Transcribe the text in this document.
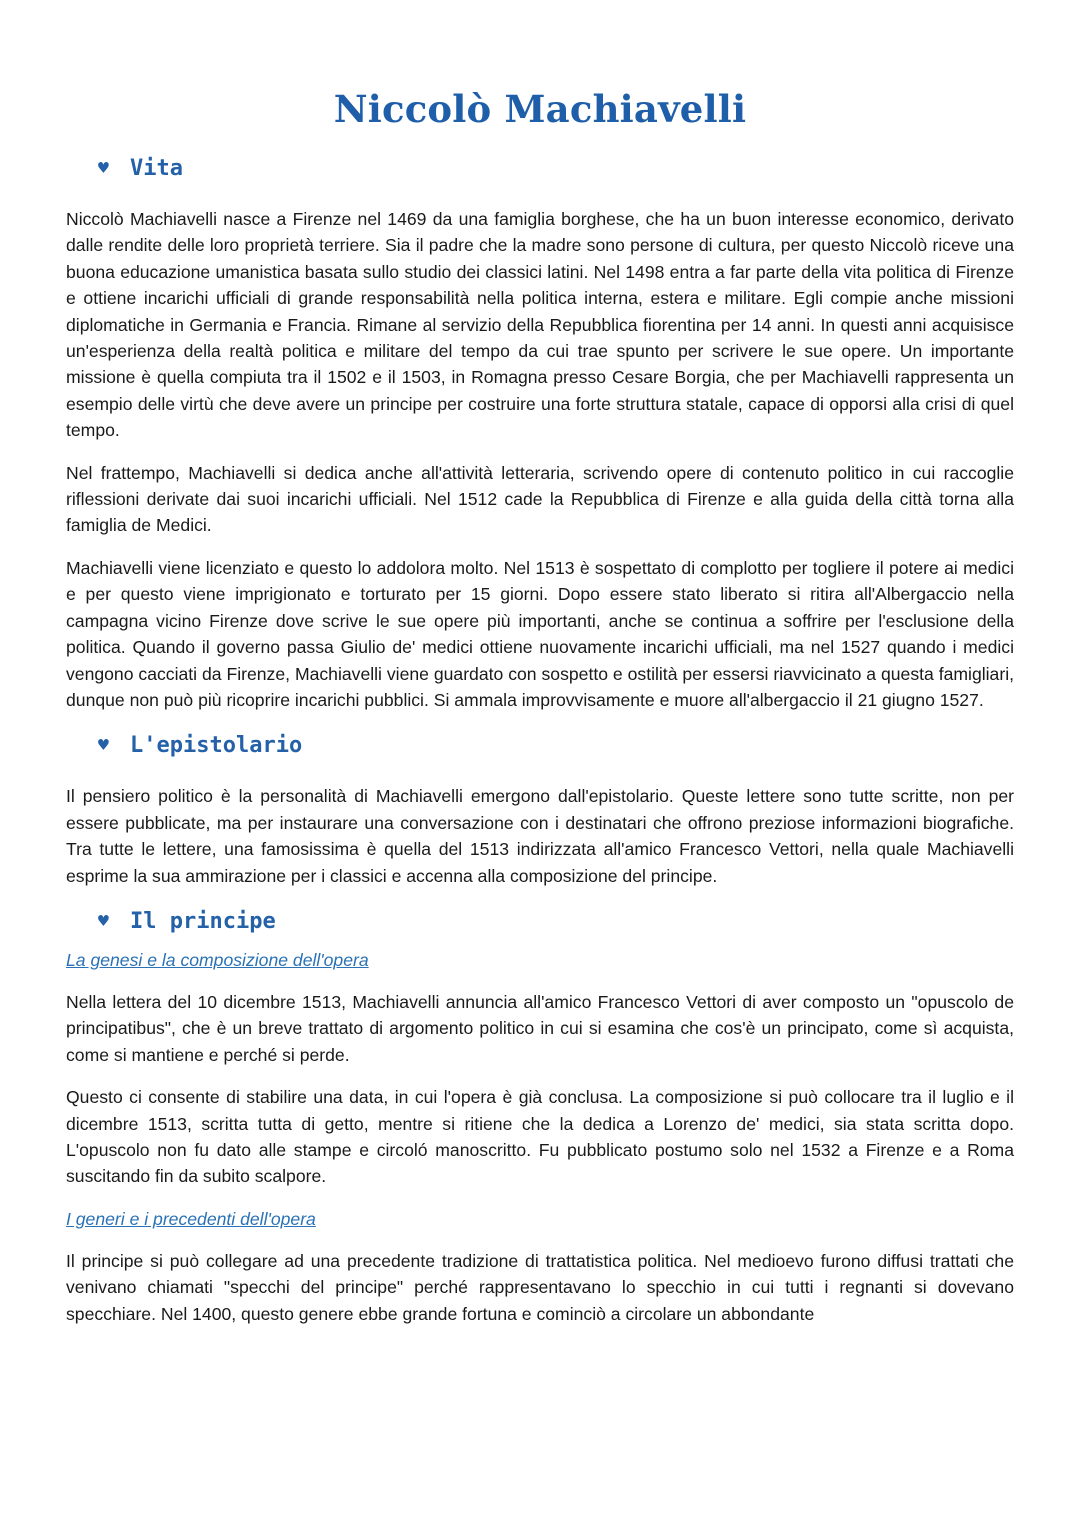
Niccolò Machiavelli
♥ Vita

Niccolò Machiavelli nasce a Firenze nel 1469 da una famiglia borghese, che ha un buon interesse economico, derivato dalle rendite delle loro proprietà terriere. Sia il padre che la madre sono persone di cultura, per questo Niccolò riceve una buona educazione umanistica basata sullo studio dei classici latini. Nel 1498 entra a far parte della vita politica di Firenze e ottiene incarichi ufficiali di grande responsabilità nella politica interna, estera e militare. Egli compie anche missioni diplomatiche in Germania e Francia. Rimane al servizio della Repubblica fiorentina per 14 anni. In questi anni acquisisce un'esperienza della realtà politica e militare del tempo da cui trae spunto per scrivere le sue opere. Un importante missione è quella compiuta tra il 1502 e il 1503, in Romagna presso Cesare Borgia, che per Machiavelli rappresenta un esempio delle virtù che deve avere un principe per costruire una forte struttura statale, capace di opporsi alla crisi di quel tempo.

Nel frattempo, Machiavelli si dedica anche all'attività letteraria, scrivendo opere di contenuto politico in cui raccoglie riflessioni derivate dai suoi incarichi ufficiali. Nel 1512 cade la Repubblica di Firenze e alla guida della città torna alla famiglia de Medici.

Machiavelli viene licenziato e questo lo addolora molto. Nel 1513 è sospettato di complotto per togliere il potere ai medici e per questo viene imprigionato e torturato per 15 giorni. Dopo essere stato liberato si ritira all'Albergaccio nella campagna vicino Firenze dove scrive le sue opere più importanti, anche se continua a soffrire per l'esclusione della politica. Quando il governo passa Giulio de' medici ottiene nuovamente incarichi ufficiali, ma nel 1527 quando i medici vengono cacciati da Firenze, Machiavelli viene guardato con sospetto e ostilità per essersi riavvicinato a questa famigliari, dunque non può più ricoprire incarichi pubblici. Si ammala improvvisamente e muore all'albergaccio il 21 giugno 1527.

♥ L'epistolario

Il pensiero politico è la personalità di Machiavelli emergono dall'epistolario. Queste lettere sono tutte scritte, non per essere pubblicate, ma per instaurare una conversazione con i destinatari che offrono preziose informazioni biografiche. Tra tutte le lettere, una famosissima è quella del 1513 indirizzata all'amico Francesco Vettori, nella quale Machiavelli esprime la sua ammirazione per i classici e accenna alla composizione del principe.

♥ Il principe
La genesi e la composizione dell'opera

Nella lettera del 10 dicembre 1513, Machiavelli annuncia all'amico Francesco Vettori di aver composto un "opuscolo de principatibus", che è un breve trattato di argomento politico in cui si esamina che cos'è un principato, come sì acquista, come si mantiene e perché si perde.

Questo ci consente di stabilire una data, in cui l'opera è già conclusa. La composizione si può collocare tra il luglio e il dicembre 1513, scritta tutta di getto, mentre si ritiene che la dedica a Lorenzo de' medici, sia stata scritta dopo. L'opuscolo non fu dato alle stampe e circoló manoscritto. Fu pubblicato postumo solo nel 1532 a Firenze e a Roma suscitando fin da subito scalpore.

I generi e i precedenti dell'opera

Il principe si può collegare ad una precedente tradizione di trattatistica politica. Nel medioevo furono diffusi trattati che venivano chiamati "specchi del principe" perché rappresentavano lo specchio in cui tutti i regnanti si dovevano specchiare. Nel 1400, questo genere ebbe grande fortuna e cominciò a circolare un abbondante
